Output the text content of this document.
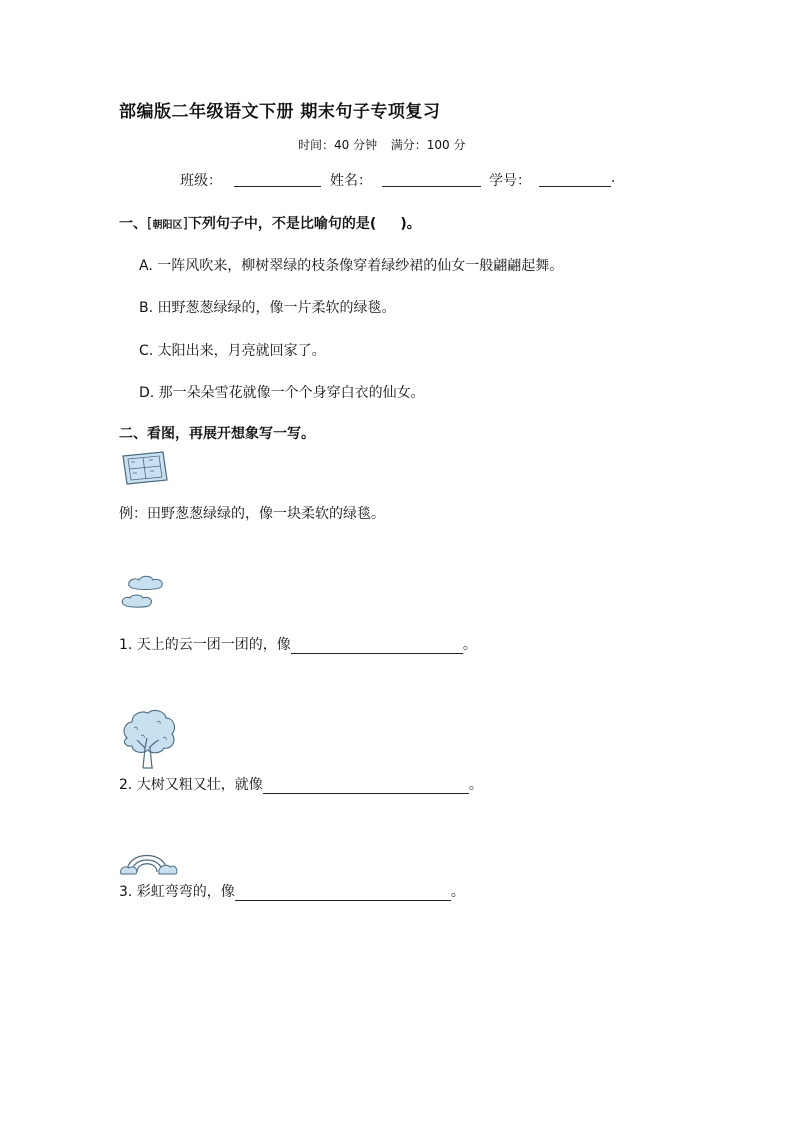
部编版二年级语文下册 期末句子专项复习
时间：40 分钟 满分：100 分
班级：	姓名：	学号：	.
一、[朝阳区]下列句子中，不是比喻句的是( )。
A. 一阵风吹来，柳树翠绿的枝条像穿着绿纱裙的仙女一般翩翩起舞。
B. 田野葱葱绿绿的，像一片柔软的绿毯。
C. 太阳出来，月亮就回家了。
D. 那一朵朵雪花就像一个个身穿白衣的仙女。
二、看图，再展开想象写一写。
例：田野葱葱绿绿的，像一块柔软的绿毯。
1. 天上的云一团一团的，像	。
2. 大树又粗又壮，就像	。
3. 彩虹弯弯的，像	。
